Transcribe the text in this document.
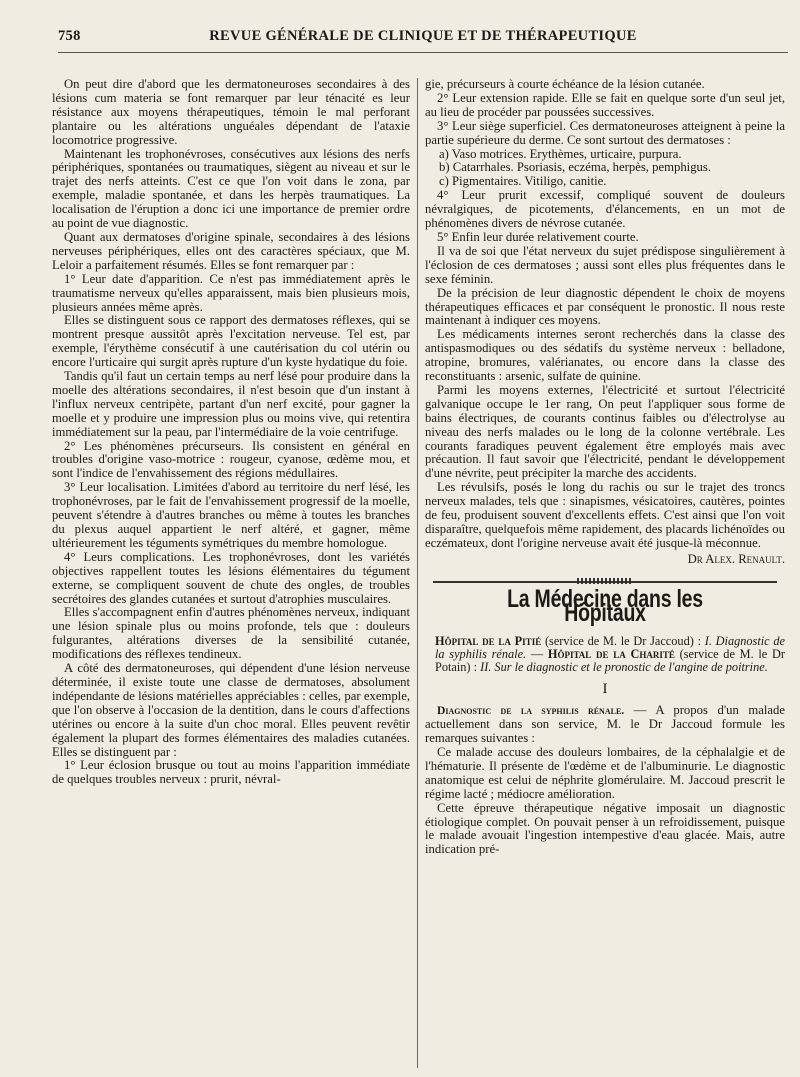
758	REVUE GÉNÉRALE DE CLINIQUE ET DE THÉRAPEUTIQUE

On peut dire d'abord que les dermatoneuroses secondaires à des lésions cum materia se font remarquer par leur ténacité es leur résistance aux moyens thérapeutiques, témoin le mal perforant plantaire ou les altérations unguéales dépendant de l'ataxie locomotrice progressive.

Maintenant les trophonévroses, consécutives aux lésions des nerfs périphériques, spontanées ou traumatiques, siègent au niveau et sur le trajet des nerfs atteints. C'est ce que l'on voit dans le zona, par exemple, maladie spontanée, et dans les herpès traumatiques. La localisation de l'éruption a donc ici une importance de premier ordre au point de vue diagnostic.

Quant aux dermatoses d'origine spinale, secondaires à des lésions nerveuses périphériques, elles ont des caractères spéciaux, que M. Leloir a parfaitement résumés. Elles se font remarquer par :

1° Leur date d'apparition. Ce n'est pas immédiatement après le traumatisme nerveux qu'elles apparaissent, mais bien plusieurs mois, plusieurs années même après.

Elles se distinguent sous ce rapport des dermatoses réflexes, qui se montrent presque aussitôt après l'excitation nerveuse. Tel est, par exemple, l'érythème consécutif à une cautérisation du col utérin ou encore l'urticaire qui surgit après rupture d'un kyste hydatique du foie.

Tandis qu'il faut un certain temps au nerf lésé pour produire dans la moelle des altérations secondaires, il n'est besoin que d'un instant à l'influx nerveux centripète, partant d'un nerf excité, pour gagner la moelle et y produire une impression plus ou moins vive, qui retentira immédiatement sur la peau, par l'intermédiaire de la voie centrifuge.

2° Les phénomènes précurseurs. Ils consistent en général en troubles d'origine vaso-motrice : rougeur, cyanose, œdème mou, et sont l'indice de l'envahissement des régions médullaires.

3° Leur localisation. Limitées d'abord au territoire du nerf lésé, les trophonévroses, par le fait de l'envahissement progressif de la moelle, peuvent s'étendre à d'autres branches ou même à toutes les branches du plexus auquel appartient le nerf altéré, et gagner, même ultérieurement les téguments symétriques du membre homologue.

4° Leurs complications. Les trophonévroses, dont les variétés objectives rappellent toutes les lésions élémentaires du tégument externe, se compliquent souvent de chute des ongles, de troubles secrétoires des glandes cutanées et surtout d'atrophies musculaires.

Elles s'accompagnent enfin d'autres phénomènes nerveux, indiquant une lésion spinale plus ou moins profonde, tels que : douleurs fulgurantes, altérations diverses de la sensibilité cutanée, modifications des réflexes tendineux.

A côté des dermatoneuroses, qui dépendent d'une lésion nerveuse déterminée, il existe toute une classe de dermatoses, absolument indépendante de lésions matérielles appréciables : celles, par exemple, que l'on observe à l'occasion de la dentition, dans le cours d'affections utérines ou encore à la suite d'un choc moral. Elles peuvent revêtir également la plupart des formes élémentaires des maladies cutanées. Elles se distinguent par :

1° Leur éclosion brusque ou tout au moins l'apparition immédiate de quelques troubles nerveux : prurit, névral-

gie, précurseurs à courte échéance de la lésion cutanée.

2° Leur extension rapide. Elle se fait en quelque sorte d'un seul jet, au lieu de procéder par poussées successives.

3° Leur siège superficiel. Ces dermatoneuroses atteignent à peine la partie supérieure du derme. Ce sont surtout des dermatoses :

a) Vaso motrices. Erythèmes, urticaire, purpura.

b) Catarrhales. Psoriasis, eczéma, herpès, pemphigus.

c) Pigmentaires. Vitiligo, canitie.

4° Leur prurit excessif, compliqué souvent de douleurs névralgiques, de picotements, d'élancements, en un mot de phénomènes divers de névrose cutanée.

5° Enfin leur durée relativement courte.

Il va de soi que l'état nerveux du sujet prédispose singulièrement à l'éclosion de ces dermatoses ; aussi sont elles plus fréquentes dans le sexe féminin.

De la précision de leur diagnostic dépendent le choix de moyens thérapeutiques efficaces et par conséquent le pronostic. Il nous reste maintenant à indiquer ces moyens.

Les médicaments internes seront recherchés dans la classe des antispasmodiques ou des sédatifs du système nerveux : belladone, atropine, bromures, valérianates, ou encore dans la classe des reconstituants : arsenic, sulfate de quinine.

Parmi les moyens externes, l'électricité et surtout l'électricité galvanique occupe le 1er rang, On peut l'appliquer sous forme de bains électriques, de courants continus faibles ou d'électrolyse au niveau des nerfs malades ou le long de la colonne vertébrale. Les courants faradiques peuvent également être employés mais avec précaution. Il faut savoir que l'électricité, pendant le développement d'une névrite, peut précipiter la marche des accidents.

Les révulsifs, posés le long du rachis ou sur le trajet des troncs nerveux malades, tels que : sinapismes, vésicatoires, cautères, pointes de feu, produisent souvent d'excellents effets. C'est ainsi que l'on voit disparaître, quelquefois même rapidement, des placards lichénoïdes ou eczémateux, dont l'origine nerveuse avait été jusque-là méconnue.

Dr Alex. Renault.
La Médecine dans les Hôpitaux
Hôpital de la Pitié (service de M. le Dr Jaccoud) : I. Diagnostic de la syphilis rénale. — Hôpital de la Charité (service de M. le Dr Potain) : II. Sur le diagnostic et le pronostic de l'angine de poitrine.
I

Diagnostic de la syphilis rénale. — A propos d'un malade actuellement dans son service, M. le Dr Jaccoud formule les remarques suivantes :

Ce malade accuse des douleurs lombaires, de la céphalalgie et de l'hématurie. Il présente de l'œdème et de l'albuminurie. Le diagnostic anatomique est celui de néphrite glomérulaire. M. Jaccoud prescrit le régime lacté ; médiocre amélioration.

Cette épreuve thérapeutique négative imposait un diagnostic étiologique complet. On pouvait penser à un refroidissement, puisque le malade avouait l'ingestion intempestive d'eau glacée. Mais, autre indication pré-
